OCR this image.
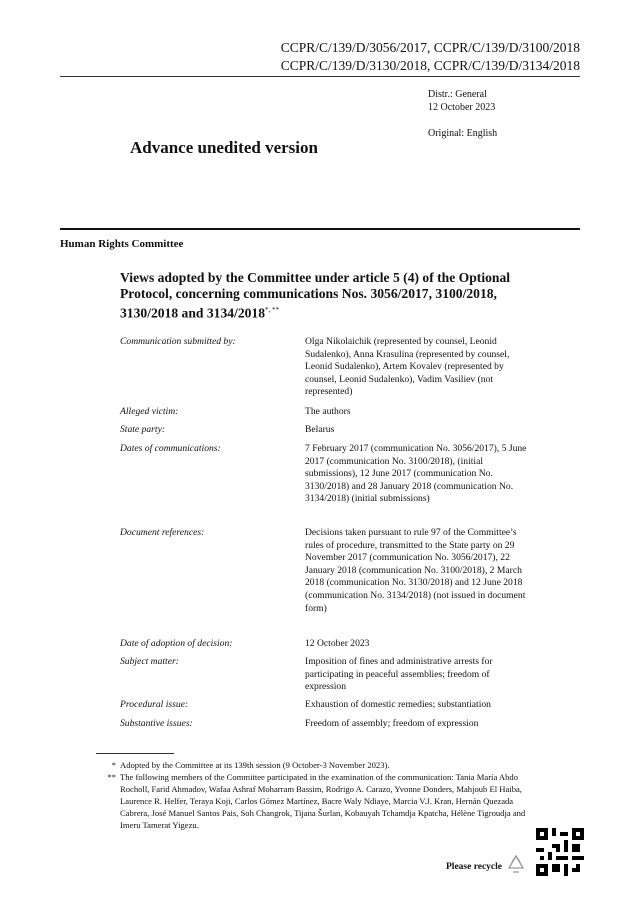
CCPR/C/139/D/3056/2017, CCPR/C/139/D/3100/2018
CCPR/C/139/D/3130/2018, CCPR/C/139/D/3134/2018
Distr.: General
12 October 2023
Original: English
Advance unedited version
Human Rights Committee
Views adopted by the Committee under article 5 (4) of the Optional Protocol, concerning communications Nos. 3056/2017, 3100/2018, 3130/2018 and 3134/2018*, **
Communication submitted by:	Olga Nikolaichik (represented by counsel, Leonid Sudalenko), Anna Krasulina (represented by counsel, Leonid Sudalenko), Artem Kovalev (represented by counsel, Leonid Sudalenko), Vadim Vasiliev (not represented)
Alleged victim:	The authors
State party:	Belarus
Dates of communications:	7 February 2017 (communication No. 3056/2017), 5 June 2017 (communication No. 3100/2018), (initial submissions), 12 June 2017 (communication No. 3130/2018) and 28 January 2018 (communication No. 3134/2018) (initial submissions)
Document references:	Decisions taken pursuant to rule 97 of the Committee’s rules of procedure, transmitted to the State party on 29 November 2017 (communication No. 3056/2017), 22 January 2018 (communication No. 3100/2018), 2 March 2018 (communication No. 3130/2018) and 12 June 2018 (communication No. 3134/2018) (not issued in document form)
Date of adoption of decision:	12 October 2023
Subject matter:	Imposition of fines and administrative arrests for participating in peaceful assemblies; freedom of expression
Procedural issue:	Exhaustion of domestic remedies; substantiation
Substantive issues:	Freedom of assembly; freedom of expression
* Adopted by the Committee at its 139th session (9 October-3 November 2023).
** The following members of the Committee participated in the examination of the communication: Tania María Abdo Rocholl, Farid Ahmadov, Wafaa Ashraf Moharram Bassim, Rodrigo A. Carazo, Yvonne Donders, Mahjoub El Haiba, Laurence R. Helfer, Teraya Koji, Carlos Gómez Martínez, Bacre Waly Ndiaye, Marcia V.J. Kran, Hernán Quezada Cabrera, José Manuel Santos Pais, Soh Changrok, Tijana Šurlan, Kobauyah Tchamdja Kpatcha, Hélène Tigroudja and Imeru Tamerat Yigezu.
Please recycle
